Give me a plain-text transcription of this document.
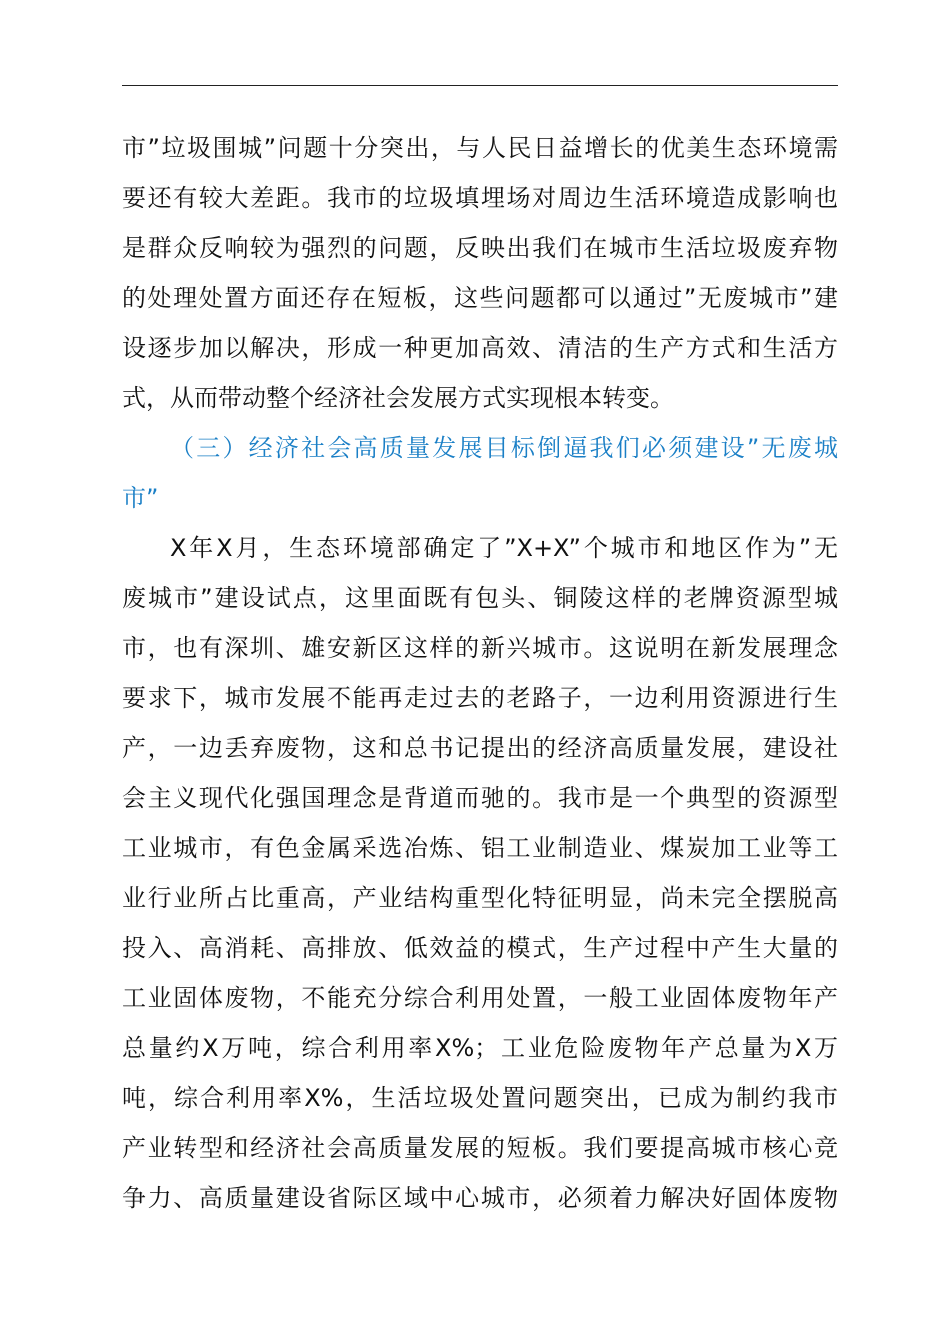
市”垃圾围城”问题十分突出，与人民日益增长的优美生态环境需
要还有较大差距。我市的垃圾填埋场对周边生活环境造成影响也
是群众反响较为强烈的问题，反映出我们在城市生活垃圾废弃物
的处理处置方面还存在短板，这些问题都可以通过”无废城市”建
设逐步加以解决，形成一种更加高效、清洁的生产方式和生活方
式，从而带动整个经济社会发展方式实现根本转变。
（三）经济社会高质量发展目标倒逼我们必须建设”无废城
市”
X年X月，生态环境部确定了”X+X”个城市和地区作为”无
废城市”建设试点，这里面既有包头、铜陵这样的老牌资源型城
市，也有深圳、雄安新区这样的新兴城市。这说明在新发展理念
要求下，城市发展不能再走过去的老路子，一边利用资源进行生
产，一边丢弃废物，这和总书记提出的经济高质量发展，建设社
会主义现代化强国理念是背道而驰的。我市是一个典型的资源型
工业城市，有色金属采选冶炼、铝工业制造业、煤炭加工业等工
业行业所占比重高，产业结构重型化特征明显，尚未完全摆脱高
投入、高消耗、高排放、低效益的模式，生产过程中产生大量的
工业固体废物，不能充分综合利用处置，一般工业固体废物年产
总量约X万吨，综合利用率X%；工业危险废物年产总量为X万
吨，综合利用率X%，生活垃圾处置问题突出，已成为制约我市
产业转型和经济社会高质量发展的短板。我们要提高城市核心竞
争力、高质量建设省际区域中心城市，必须着力解决好固体废物
